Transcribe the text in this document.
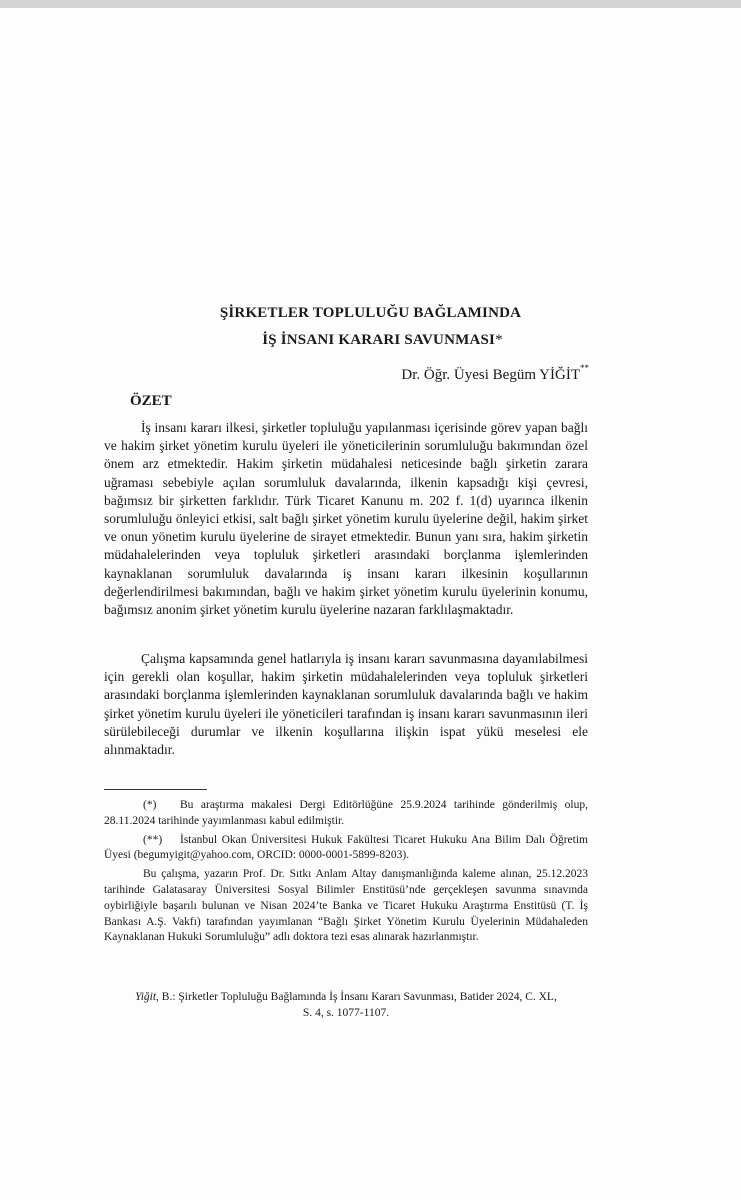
ŞİRKETLER TOPLULUĞU BAĞLAMINDA
İŞ İNSANI KARARI SAVUNMASI*
Dr. Öğr. Üyesi Begüm YİĞİT**
ÖZET

İş insanı kararı ilkesi, şirketler topluluğu yapılanması içerisinde görev yapan bağlı ve hakim şirket yönetim kurulu üyeleri ile yöneticilerinin sorumluluğu bakımından özel önem arz etmektedir. Hakim şirketin müdahalesi neticesinde bağlı şirketin zarara uğraması sebebiyle açılan sorumluluk davalarında, ilkenin kapsadığı kişi çevresi, bağımsız bir şirketten farklıdır. Türk Ticaret Kanunu m. 202 f. 1(d) uyarınca ilkenin sorumluluğu önleyici etkisi, salt bağlı şirket yönetim kurulu üyelerine değil, hakim şirket ve onun yönetim kurulu üyelerine de sirayet etmektedir. Bunun yanı sıra, hakim şirketin müdahalelerinden veya topluluk şirketleri arasındaki borçlanma işlemlerinden kaynaklanan sorumluluk davalarında iş insanı kararı ilkesinin koşullarının değerlendirilmesi bakımından, bağlı ve hakim şirket yönetim kurulu üyelerinin konumu, bağımsız anonim şirket yönetim kurulu üyelerine nazaran farklılaşmaktadır.

Çalışma kapsamında genel hatlarıyla iş insanı kararı savunmasına dayanılabilmesi için gerekli olan koşullar, hakim şirketin müdahalelerinden veya topluluk şirketleri arasındaki borçlanma işlemlerinden kaynaklanan sorumluluk davalarında bağlı ve hakim şirket yönetim kurulu üyeleri ile yöneticileri tarafından iş insanı kararı savunmasının ileri sürülebileceği durumlar ve ilkenin koşullarına ilişkin ispat yükü meselesi ele alınmaktadır.

(*) Bu araştırma makalesi Dergi Editörlüğüne 25.9.2024 tarihinde gönderilmiş olup, 28.11.2024 tarihinde yayımlanması kabul edilmiştir.

(**) İstanbul Okan Üniversitesi Hukuk Fakültesi Ticaret Hukuku Ana Bilim Dalı Öğretim Üyesi (begumyigit@yahoo.com, ORCID: 0000-0001-5899-8203).

Bu çalışma, yazarın Prof. Dr. Sıtkı Anlam Altay danışmanlığında kaleme alınan, 25.12.2023 tarihinde Galatasaray Üniversitesi Sosyal Bilimler Enstitüsü’nde gerçekleşen savunma sınavında oybirliğiyle başarılı bulunan ve Nisan 2024’te Banka ve Ticaret Hukuku Araştırma Enstitüsü (T. İş Bankası A.Ş. Vakfı) tarafından yayımlanan “Bağlı Şirket Yönetim Kurulu Üyelerinin Müdahaleden Kaynaklanan Hukuki Sorumluluğu” adlı doktora tezi esas alınarak hazırlanmıştır.

Yiğit, B.: Şirketler Topluluğu Bağlamında İş İnsanı Kararı Savunması, Batider 2024, C. XL,
S. 4, s. 1077-1107.
